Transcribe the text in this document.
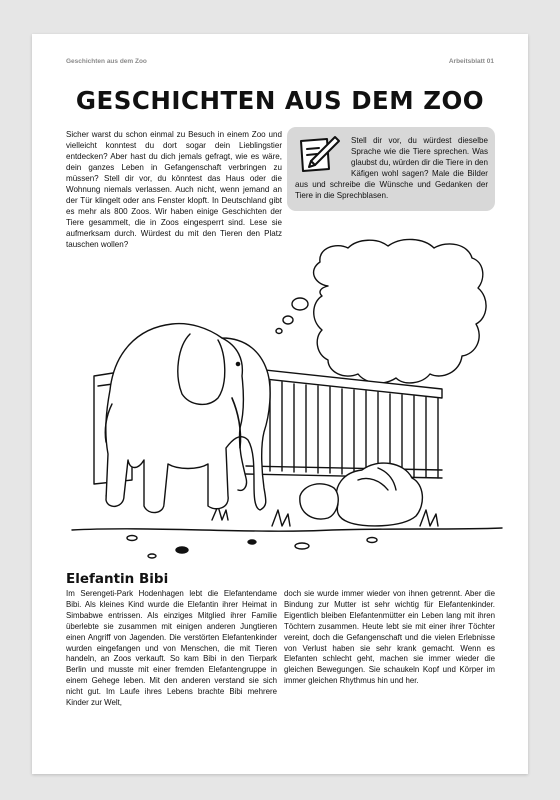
Geschichten aus dem Zoo	Arbeitsblatt 01
GESCHICHTEN AUS DEM ZOO

Sicher warst du schon einmal zu Besuch in einem Zoo und vielleicht konntest du dort sogar dein Lieblingstier entdecken? Aber hast du dich jemals gefragt, wie es wäre, dein ganzes Leben in Gefangenschaft verbringen zu müssen? Stell dir vor, du könntest das Haus oder die Wohnung niemals verlassen. Auch nicht, wenn jemand an der Tür klingelt oder ans Fenster klopft. In Deutschland gibt es mehr als 800 Zoos. Wir haben einige Geschichten der Tiere gesammelt, die in Zoos eingesperrt sind. Lese sie aufmerksam durch. Würdest du mit den Tieren den Platz tauschen wollen?

Stell dir vor, du würdest dieselbe Sprache wie die Tiere sprechen. Was glaubst du, würden dir die Tiere in den Käfigen wohl sagen? Male die Bilder aus und schreibe die Wünsche und Gedanken der Tiere in die Sprechblasen.

Elefantin Bibi

Im Serengeti-Park Hodenhagen lebt die Elefantendame Bibi. Als kleines Kind wurde die Elefantin ihrer Heimat in Simbabwe entrissen. Als einziges Mitglied ihrer Familie überlebte sie zusammen mit einigen anderen Jungtieren einen Angriff von Jagenden. Die verstörten Elefantenkinder wurden eingefangen und von Menschen, die mit Tieren handeln, an Zoos verkauft. So kam Bibi in den Tierpark Berlin und musste mit einer fremden Elefantengruppe in einem Gehege leben. Mit den anderen verstand sie sich nicht gut. Im Laufe ihres Lebens brachte Bibi mehrere Kinder zur Welt,

doch sie wurde immer wieder von ihnen getrennt. Aber die Bindung zur Mutter ist sehr wichtig für Elefantenkinder. Eigentlich bleiben Elefantenmütter ein Leben lang mit ihren Töchtern zusammen. Heute lebt sie mit einer ihrer Töchter vereint, doch die Gefangenschaft und die vielen Erlebnisse von Verlust haben sie sehr krank gemacht. Wenn es Elefanten schlecht geht, machen sie immer wieder die gleichen Bewegungen. Sie schaukeln Kopf und Körper im immer gleichen Rhythmus hin und her.
